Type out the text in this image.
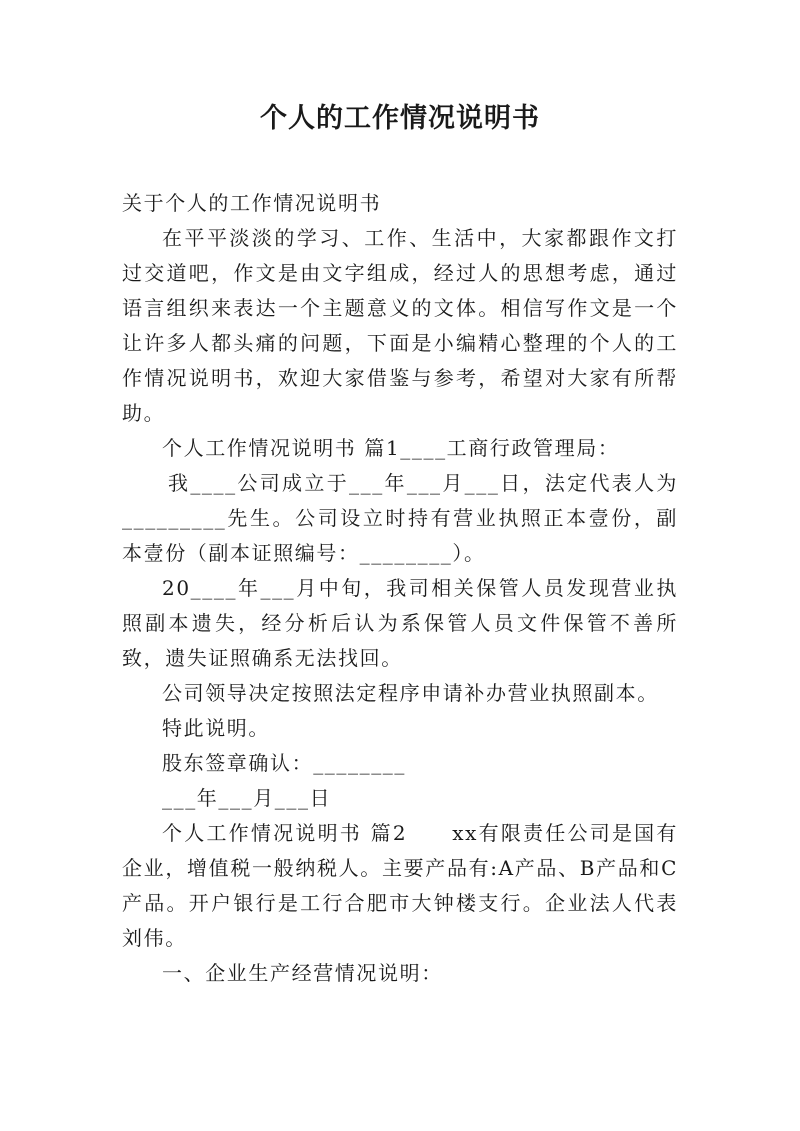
个人的工作情况说明书

关于个人的工作情况说明书

在平平淡淡的学习、工作、生活中，大家都跟作文打过交道吧，作文是由文字组成，经过人的思想考虑，通过语言组织来表达一个主题意义的文体。相信写作文是一个让许多人都头痛的问题，下面是小编精心整理的个人的工作情况说明书，欢迎大家借鉴与参考，希望对大家有所帮助。

个人工作情况说明书 篇1____工商行政管理局：

我____公司成立于___年___月___日，法定代表人为_________先生。公司设立时持有营业执照正本壹份，副本壹份（副本证照编号：________）。

20____年___月中旬，我司相关保管人员发现营业执照副本遗失，经分析后认为系保管人员文件保管不善所致，遗失证照确系无法找回。

公司领导决定按照法定程序申请补办营业执照副本。

特此说明。

股东签章确认：________

___年___月___日

个人工作情况说明书 篇2　　xx有限责任公司是国有企业，增值税一般纳税人。主要产品有:A产品、B产品和C产品。开户银行是工行合肥市大钟楼支行。企业法人代表刘伟。

一、企业生产经营情况说明：
